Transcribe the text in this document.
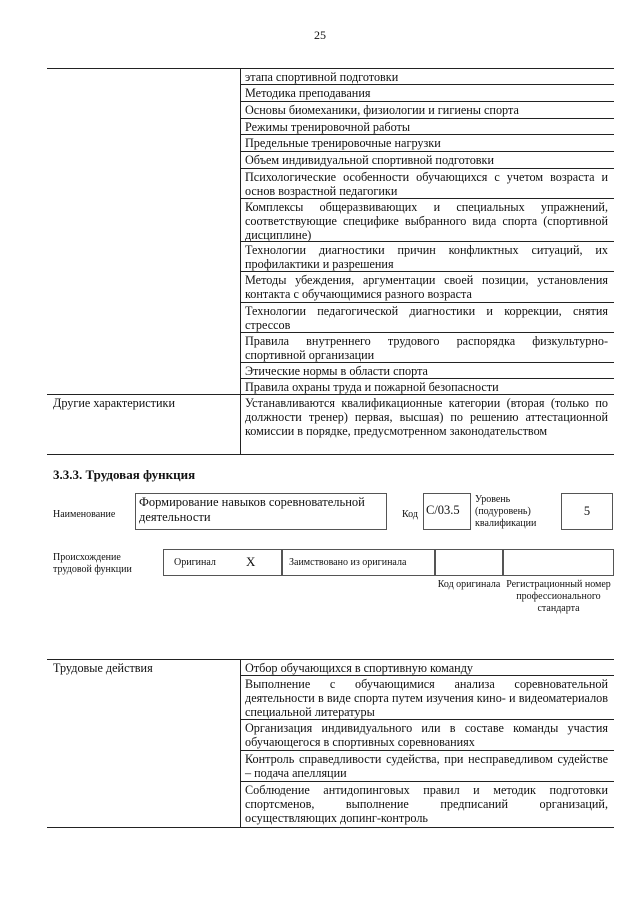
25
этапа спортивной подготовки
Методика преподавания
Основы биомеханики, физиологии и гигиены спорта
Режимы тренировочной работы
Предельные тренировочные нагрузки
Объем индивидуальной спортивной подготовки
Психологические особенности обучающихся с учетом возраста и основ возрастной педагогики
Комплексы общеразвивающих и специальных упражнений, соответствующие специфике выбранного вида спорта (спортивной дисциплине)
Технологии диагностики причин конфликтных ситуаций, их профилактики и разрешения
Методы убеждения, аргументации своей позиции, установления контакта с обучающимися разного возраста
Технологии педагогической диагностики и коррекции, снятия стрессов
Правила внутреннего трудового распорядка физкультурно-спортивной организации
Этические нормы в области спорта
Правила охраны труда и пожарной безопасности
Другие характеристики	Устанавливаются квалификационные категории (вторая (только по должности тренер) первая, высшая) по решению аттестационной комиссии в порядке, предусмотренном законодательством
3.3.3. Трудовая функция
Наименование
Формирование навыков соревновательной деятельности	Код C/03.5
Уровень (подуровень) квалификации
5
Происхождение трудовой функции
Оригинал X	Заимствовано из оригинала
Код оригинала Регистрационный номер профессионального стандарта
Трудовые действия	Отбор обучающихся в спортивную команду
Выполнение с обучающимися анализа соревновательной деятельности в виде спорта путем изучения кино- и видеоматериалов специальной литературы
Организация индивидуального или в составе команды участия обучающегося в спортивных соревнованиях
Контроль справедливости судейства, при несправедливом судействе – подача апелляции
Соблюдение антидопинговых правил и методик подготовки спортсменов, выполнение предписаний организаций, осуществляющих допинг-контроль
